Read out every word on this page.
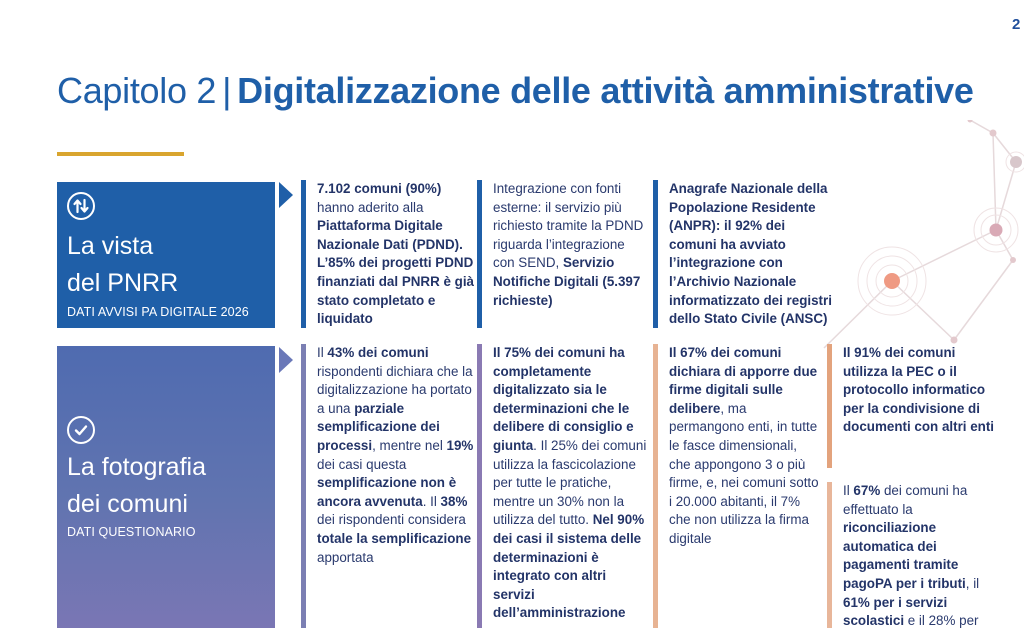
2
Capitolo 2 | Digitalizzazione delle attività amministrative
La vista
del PNRR
DATI AVVISI PA DIGITALE 2026
7.102 comuni (90%) hanno aderito alla Piattaforma Digitale Nazionale Dati (PDND). L’85% dei progetti PDND finanziati dal PNRR è già stato completato e liquidato
Integrazione con fonti esterne: il servizio più richiesto tramite la PDND riguarda l’integrazione con SEND, Servizio Notifiche Digitali (5.397 richieste)
Anagrafe Nazionale della Popolazione Residente (ANPR): il 92% dei comuni ha avviato l’integrazione con l’Archivio Nazionale informatizzato dei registri dello Stato Civile (ANSC)
La fotografia
dei comuni
DATI QUESTIONARIO
Il 43% dei comuni rispondenti dichiara che la digitalizzazione ha portato a una parziale semplificazione dei processi, mentre nel 19% dei casi questa semplificazione non è ancora avvenuta. Il 38% dei rispondenti considera totale la semplificazione apportata
Il 75% dei comuni ha completamente digitalizzato sia le determinazioni che le delibere di consiglio e giunta. Il 25% dei comuni utilizza la fascicolazione per tutte le pratiche, mentre un 30% non la utilizza del tutto. Nel 90% dei casi il sistema delle determinazioni è integrato con altri servizi dell’amministrazione
Il 67% dei comuni dichiara di apporre due firme digitali sulle delibere, ma permangono enti, in tutte le fasce dimensionali, che appongono 3 o più firme, e, nei comuni sotto i 20.000 abitanti, il 7% che non utilizza la firma digitale
Il 91% dei comuni utilizza la PEC o il protocollo informatico per la condivisione di documenti con altri enti
Il 67% dei comuni ha effettuato la riconciliazione automatica dei pagamenti tramite pagoPA per i tributi, il 61% per i servizi scolastici e il 28% per
